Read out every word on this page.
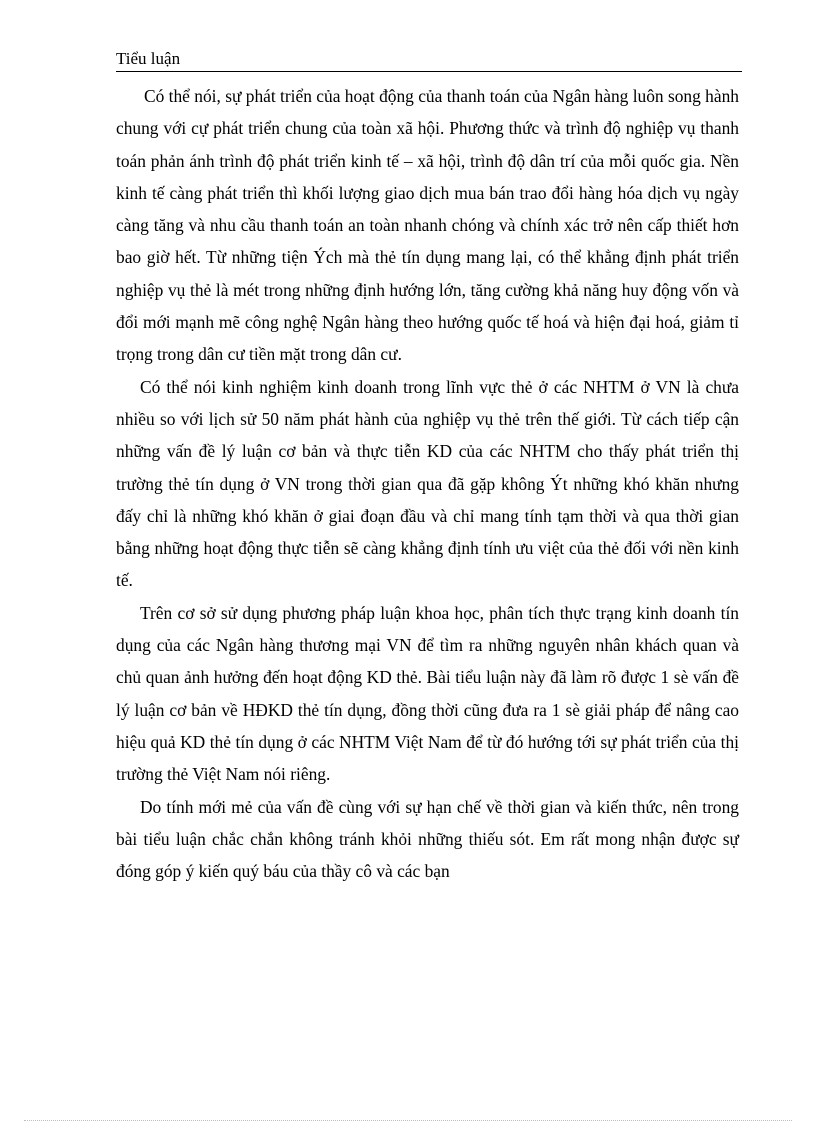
Tiểu luận

Có thể nói, sự phát triển của hoạt động của thanh toán của Ngân hàng luôn song hành chung với cự phát triển chung của toàn xã hội. Phương thức và trình độ nghiệp vụ thanh toán phản ánh trình độ phát triển kinh tế – xã hội, trình độ dân trí của mỗi quốc gia. Nền kinh tế càng phát triển thì khối lượng giao dịch mua bán trao đổi hàng hóa dịch vụ ngày càng tăng và nhu cầu thanh toán an toàn nhanh chóng và chính xác trở nên cấp thiết hơn bao giờ hết. Từ những tiện Ých mà thẻ tín dụng mang lại, có thể khẳng định phát triển nghiệp vụ thẻ là mét trong những định hướng lớn, tăng cường khả năng huy động vốn và đổi mới mạnh mẽ công nghệ Ngân hàng theo hướng quốc tế hoá và hiện đại hoá, giảm tỉ trọng trong dân cư tiền mặt trong dân cư.

Có thể nói kinh nghiệm kinh doanh trong lĩnh vực thẻ ở các NHTM ở VN là chưa nhiều so với lịch sử 50 năm phát hành của nghiệp vụ thẻ trên thế giới. Từ cách tiếp cận những vấn đề lý luận cơ bản và thực tiễn KD của các NHTM cho thấy phát triển thị trường thẻ tín dụng ở VN trong thời gian qua đã gặp không Ýt những khó khăn nhưng đấy chỉ là những khó khăn ở giai đoạn đầu và chỉ mang tính tạm thời và qua thời gian bằng những hoạt động thực tiễn sẽ càng khẳng định tính ưu việt của thẻ đối với nền kinh tế.

Trên cơ sở sử dụng phương pháp luận khoa học, phân tích thực trạng kinh doanh tín dụng của các Ngân hàng thương mại VN để tìm ra những nguyên nhân khách quan và chủ quan ảnh hưởng đến hoạt động KD thẻ. Bài tiểu luận này đã làm rõ được 1 sè vấn đề lý luận cơ bản về HĐKD thẻ tín dụng, đồng thời cũng đưa ra 1 sè giải pháp để nâng cao hiệu quả KD thẻ tín dụng ở các NHTM Việt Nam để từ đó hướng tới sự phát triển của thị trường thẻ Việt Nam nói riêng.

Do tính mới mẻ của vấn đề cùng với sự hạn chế về thời gian và kiến thức, nên trong bài tiểu luận chắc chắn không tránh khỏi những thiếu sót. Em rất mong nhận được sự đóng góp ý kiến quý báu của thầy cô và các bạn
